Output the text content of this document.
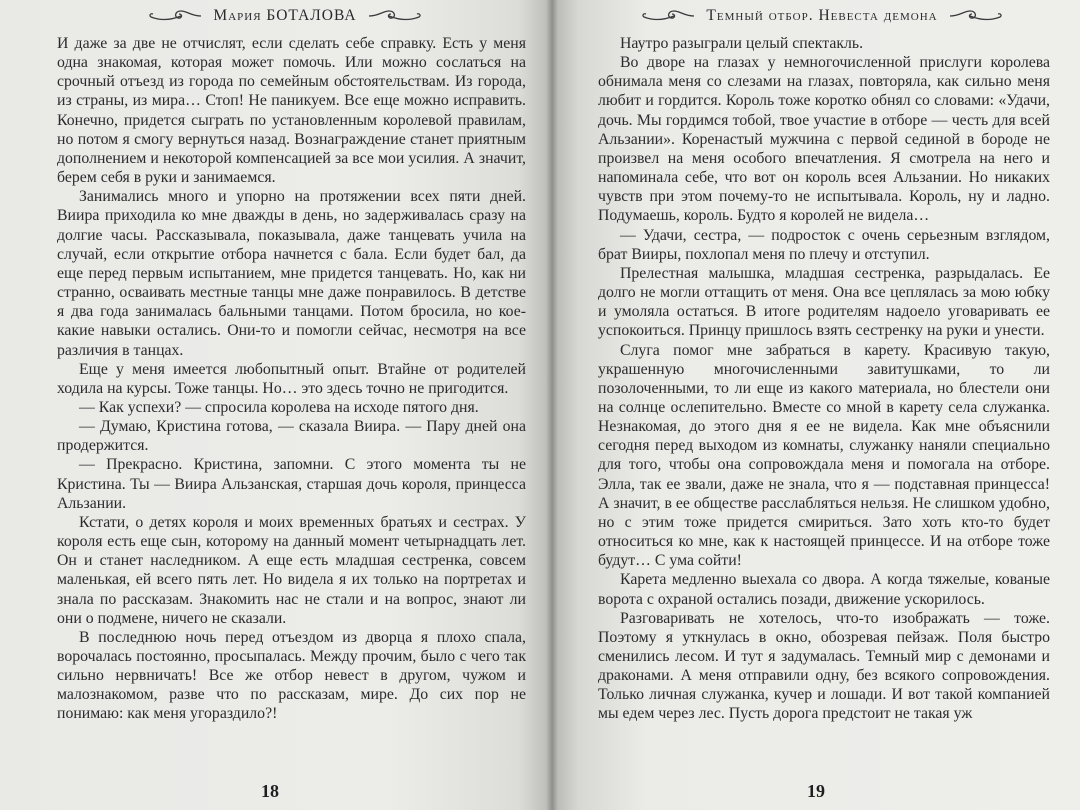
Мария БОТАЛОВА

И даже за две не отчислят, если сделать себе справку. Есть у меня одна знакомая, которая может помочь. Или можно сослаться на срочный отъезд из города по семейным обстоятельствам. Из города, из страны, из мира… Стоп! Не паникуем. Все еще можно исправить. Конечно, придется сыграть по установленным королевой правилам, но потом я смогу вернуться назад. Вознаграждение станет приятным дополнением и некоторой компенсацией за все мои усилия. А значит, берем себя в руки и занимаемся.

Занимались много и упорно на протяжении всех пяти дней. Виира приходила ко мне дважды в день, но задерживалась сразу на долгие часы. Рассказывала, показывала, даже танцевать учила на случай, если открытие отбора начнется с бала. Если будет бал, да еще перед первым испытанием, мне придется танцевать. Но, как ни странно, осваивать местные танцы мне даже понравилось. В детстве я два года занималась бальными танцами. Потом бросила, но кое-какие навыки остались. Они-то и помогли сейчас, несмотря на все различия в танцах.

Еще у меня имеется любопытный опыт. Втайне от родителей ходила на курсы. Тоже танцы. Но… это здесь точно не пригодится.

— Как успехи? — спросила королева на исходе пятого дня.

— Думаю, Кристина готова, — сказала Виира. — Пару дней она продержится.

— Прекрасно. Кристина, запомни. С этого момента ты не Кристина. Ты — Виира Альзанская, старшая дочь короля, принцесса Альзании.

Кстати, о детях короля и моих временных братьях и сестрах. У короля есть еще сын, которому на данный момент четырнадцать лет. Он и станет наследником. А еще есть младшая сестренка, совсем маленькая, ей всего пять лет. Но видела я их только на портретах и знала по рассказам. Знакомить нас не стали и на вопрос, знают ли они о подмене, ничего не сказали.

В последнюю ночь перед отъездом из дворца я плохо спала, ворочалась постоянно, просыпалась. Между прочим, было с чего так сильно нервничать! Все же отбор невест в другом, чужом и малознакомом, разве что по рассказам, мире. До сих пор не понимаю: как меня угораздило?!

18
Темный отбор. Невеста демона

Наутро разыграли целый спектакль.

Во дворе на глазах у немногочисленной прислуги королева обнимала меня со слезами на глазах, повторяла, как сильно меня любит и гордится. Король тоже коротко обнял со словами: «Удачи, дочь. Мы гордимся тобой, твое участие в отборе — честь для всей Альзании». Коренастый мужчина с первой сединой в бороде не произвел на меня особого впечатления. Я смотрела на него и напоминала себе, что вот он король всея Альзании. Но никаких чувств при этом почему-то не испытывала. Король, ну и ладно. Подумаешь, король. Будто я королей не видела…

— Удачи, сестра, — подросток с очень серьезным взглядом, брат Вииры, похлопал меня по плечу и отступил.

Прелестная малышка, младшая сестренка, разрыдалась. Ее долго не могли оттащить от меня. Она все цеплялась за мою юбку и умоляла остаться. В итоге родителям надоело уговаривать ее успокоиться. Принцу пришлось взять сестренку на руки и унести.

Слуга помог мне забраться в карету. Красивую такую, украшенную многочисленными завитушками, то ли позолоченными, то ли еще из какого материала, но блестели они на солнце ослепительно. Вместе со мной в карету села служанка. Незнакомая, до этого дня я ее не видела. Как мне объяснили сегодня перед выходом из комнаты, служанку наняли специально для того, чтобы она сопровождала меня и помогала на отборе. Элла, так ее звали, даже не знала, что я — подставная принцесса! А значит, в ее обществе расслабляться нельзя. Не слишком удобно, но с этим тоже придется смириться. Зато хоть кто-то будет относиться ко мне, как к настоящей принцессе. И на отборе тоже будут… С ума сойти!

Карета медленно выехала со двора. А когда тяжелые, кованые ворота с охраной остались позади, движение ускорилось.

Разговаривать не хотелось, что-то изображать — тоже. Поэтому я уткнулась в окно, обозревая пейзаж. Поля быстро сменились лесом. И тут я задумалась. Темный мир с демонами и драконами. А меня отправили одну, без всякого сопровождения. Только личная служанка, кучер и лошади. И вот такой компанией мы едем через лес. Пусть дорога предстоит не такая уж

19
